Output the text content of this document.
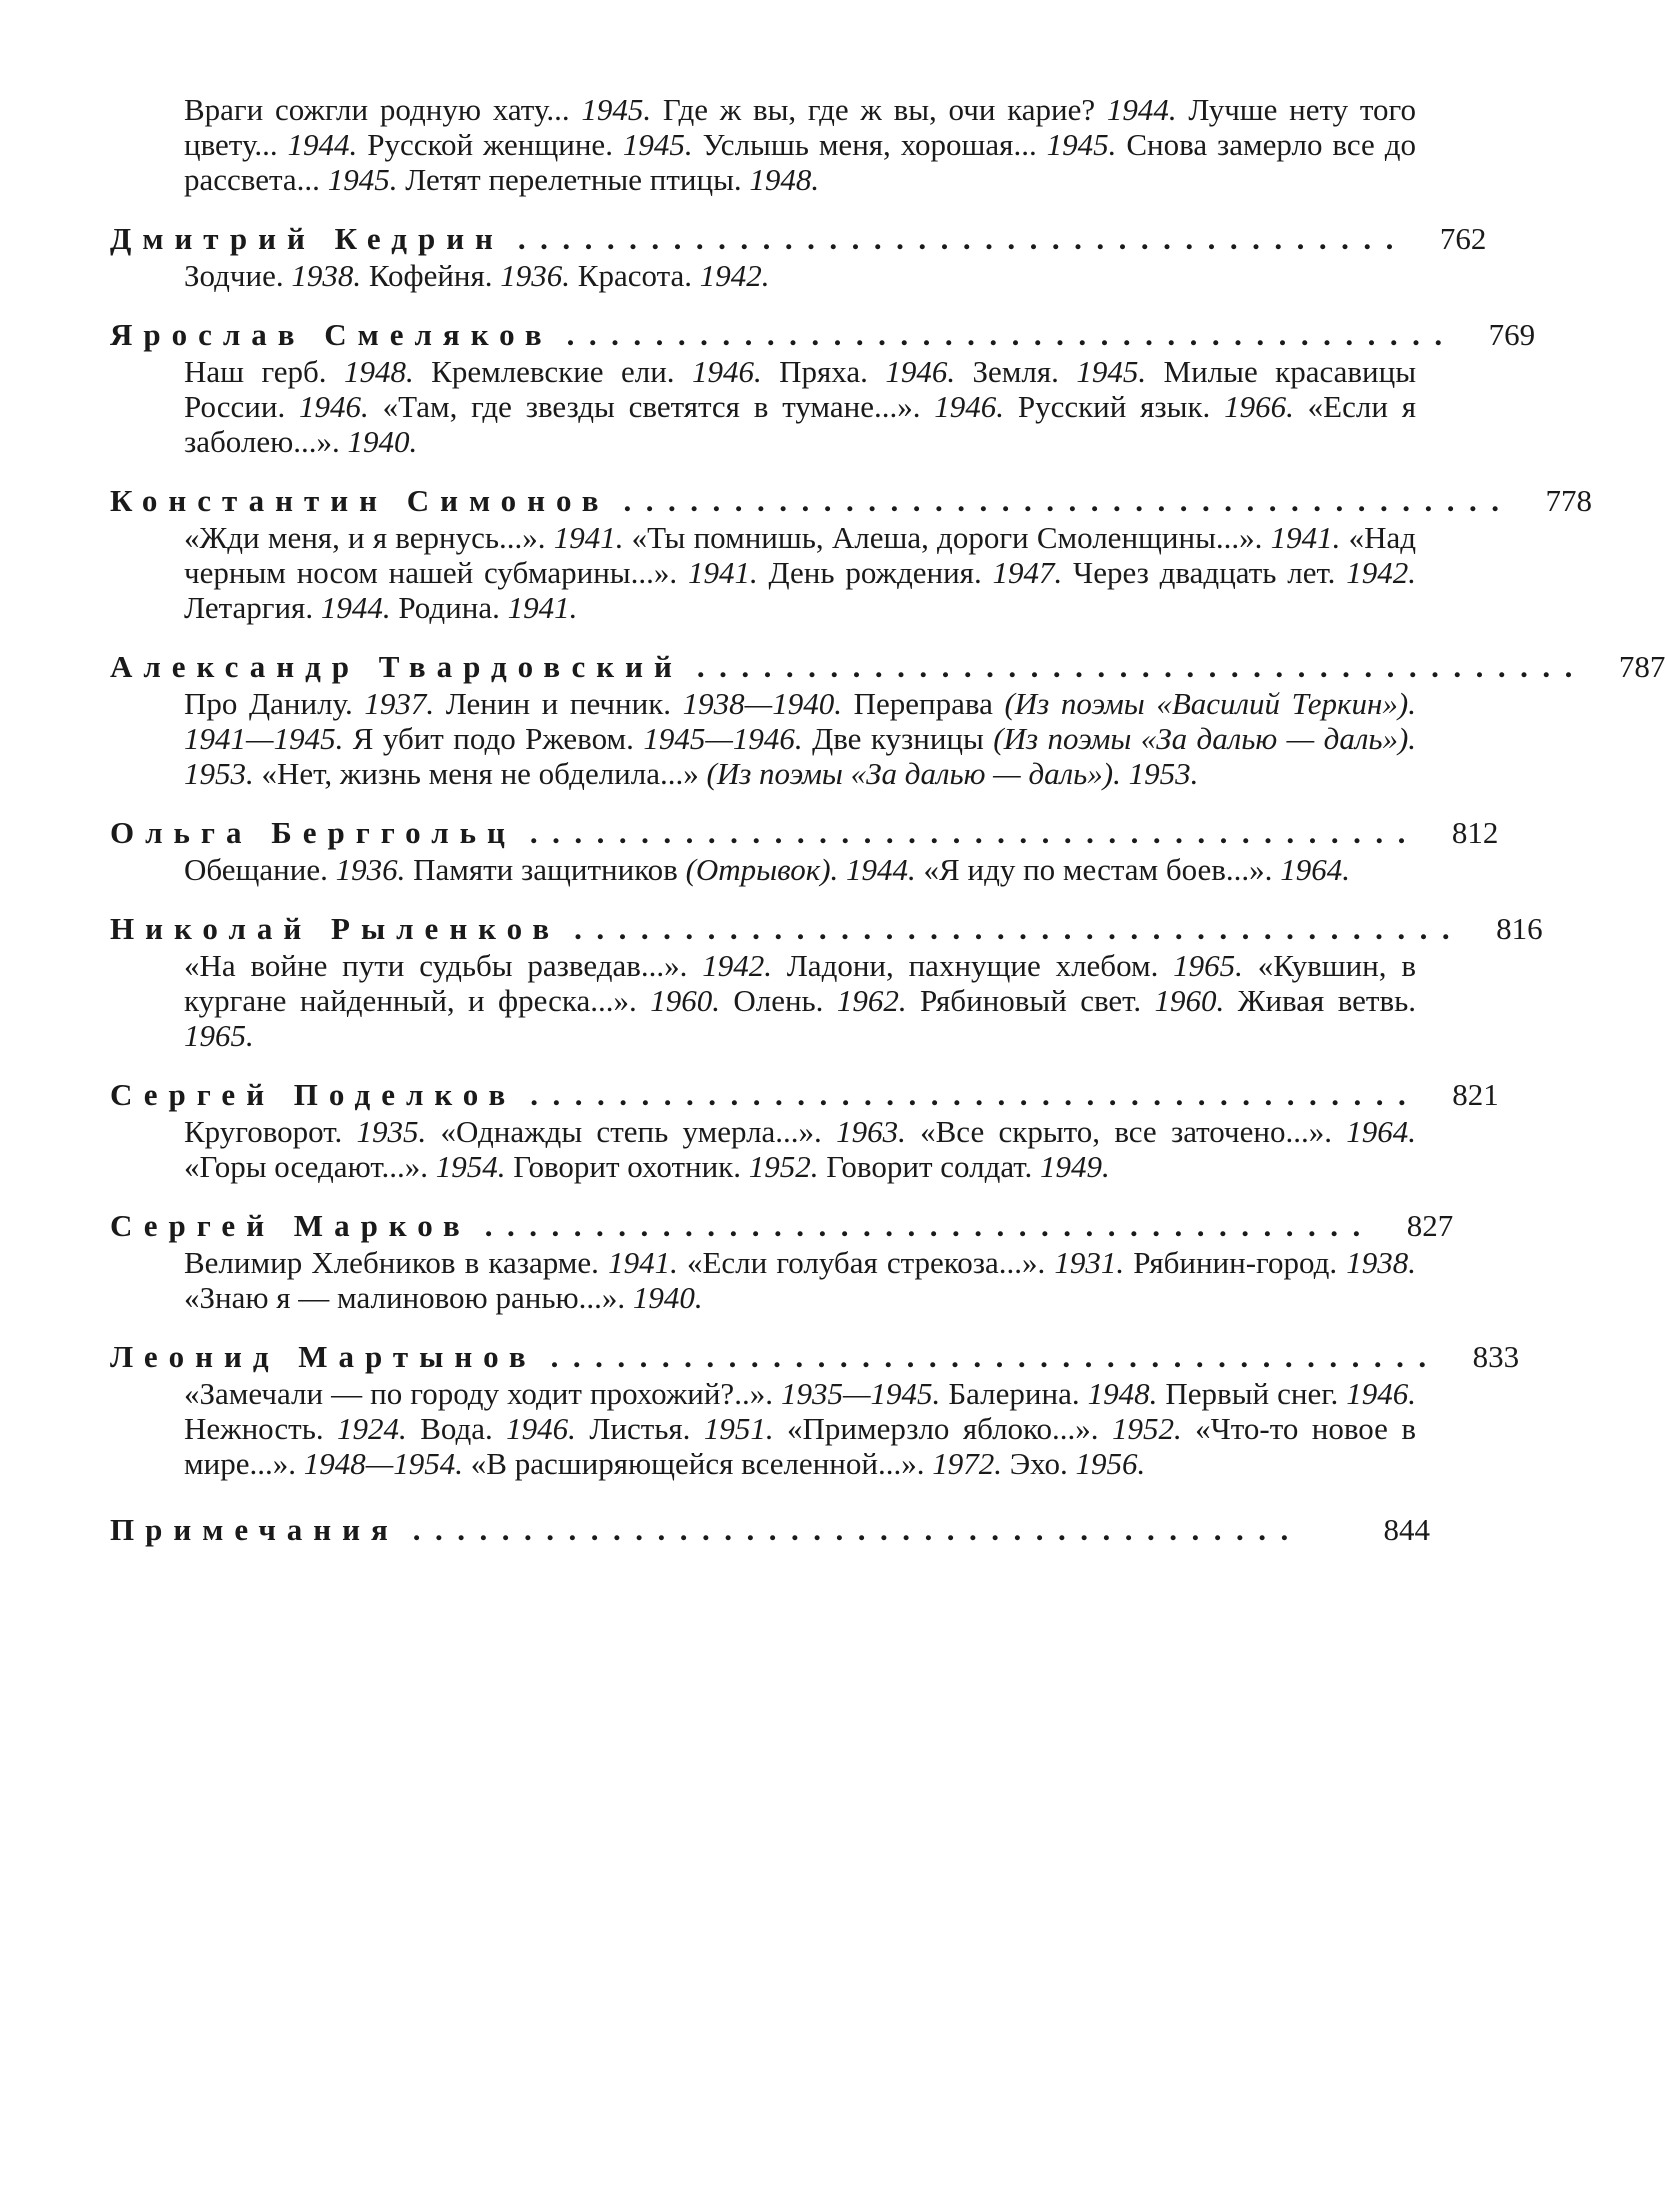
Враги сожгли родную хату... 1945. Где ж вы, где ж вы, очи карие? 1944. Лучше нету того цвету... 1944. Русской женщине. 1945. Услышь меня, хорошая... 1945. Снова замерло все до рассвета... 1945. Летят перелетные птицы. 1948.
Дмитрий Кедрин ........................................ 762
Зодчие. 1938. Кофейня. 1936. Красота. 1942.
Ярослав Смеляков ........................................ 769
Наш герб. 1948. Кремлевские ели. 1946. Пряха. 1946. Земля. 1945. Милые красавицы России. 1946. «Там, где звезды светятся в тумане...». 1946. Русский язык. 1966. «Если я заболею...». 1940.
Константин Симонов ........................................ 778
«Жди меня, и я вернусь...». 1941. «Ты помнишь, Алеша, дороги Смоленщины...». 1941. «Над черным носом нашей субмарины...». 1941. День рождения. 1947. Через двадцать лет. 1942. Летаргия. 1944. Родина. 1941.
Александр Твардовский ........................................ 787
Про Данилу. 1937. Ленин и печник. 1938—1940. Переправа (Из поэмы «Василий Теркин»). 1941—1945. Я убит подо Ржевом. 1945—1946. Две кузницы (Из поэмы «За далью — даль»). 1953. «Нет, жизнь меня не обделила...» (Из поэмы «За далью — даль»). 1953.
Ольга Берггольц ........................................ 812
Обещание. 1936. Памяти защитников (Отрывок). 1944. «Я иду по местам боев...». 1964.
Николай Рыленков ........................................ 816
«На войне пути судьбы разведав...». 1942. Ладони, пахнущие хлебом. 1965. «Кувшин, в кургане найденный, и фреска...». 1960. Олень. 1962. Рябиновый свет. 1960. Живая ветвь. 1965.
Сергей Поделков ........................................ 821
Круговорот. 1935. «Однажды степь умерла...». 1963. «Все скрыто, все заточено...». 1964. «Горы оседают...». 1954. Говорит охотник. 1952. Говорит солдат. 1949.
Сергей Марков ........................................ 827
Велимир Хлебников в казарме. 1941. «Если голубая стрекоза...». 1931. Рябинин-город. 1938. «Знаю я — малиновою ранью...». 1940.
Леонид Мартынов ........................................ 833
«Замечали — по городу ходит прохожий?..». 1935—1945. Балерина. 1948. Первый снег. 1946. Нежность. 1924. Вода. 1946. Листья. 1951. «Примерзло яблоко...». 1952. «Что-то новое в мире...». 1948—1954. «В расширяющейся вселенной...». 1972. Эхо. 1956.
Примечания ........................................	844
